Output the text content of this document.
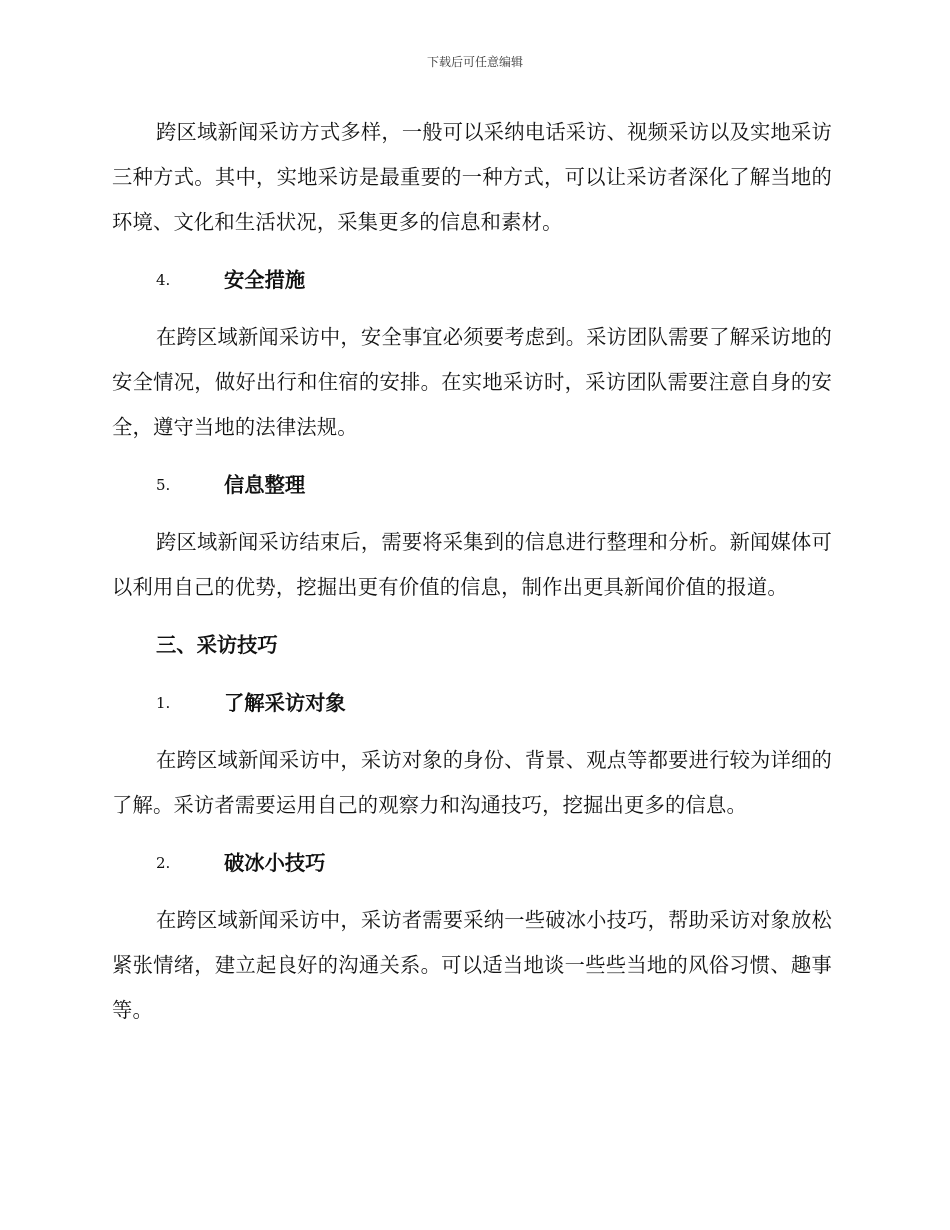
下载后可任意编辑

跨区域新闻采访方式多样，一般可以采纳电话采访、视频采访以及实地采访三种方式。其中，实地采访是最重要的一种方式，可以让采访者深化了解当地的环境、文化和生活状况，采集更多的信息和素材。

4.	安全措施

在跨区域新闻采访中，安全事宜必须要考虑到。采访团队需要了解采访地的安全情况，做好出行和住宿的安排。在实地采访时，采访团队需要注意自身的安全，遵守当地的法律法规。

5.	信息整理

跨区域新闻采访结束后，需要将采集到的信息进行整理和分析。新闻媒体可以利用自己的优势，挖掘出更有价值的信息，制作出更具新闻价值的报道。

三、采访技巧
1.	了解采访对象

在跨区域新闻采访中，采访对象的身份、背景、观点等都要进行较为详细的了解。采访者需要运用自己的观察力和沟通技巧，挖掘出更多的信息。

2.	破冰小技巧

在跨区域新闻采访中，采访者需要采纳一些破冰小技巧，帮助采访对象放松紧张情绪，建立起良好的沟通关系。可以适当地谈一些些当地的风俗习惯、趣事等。
